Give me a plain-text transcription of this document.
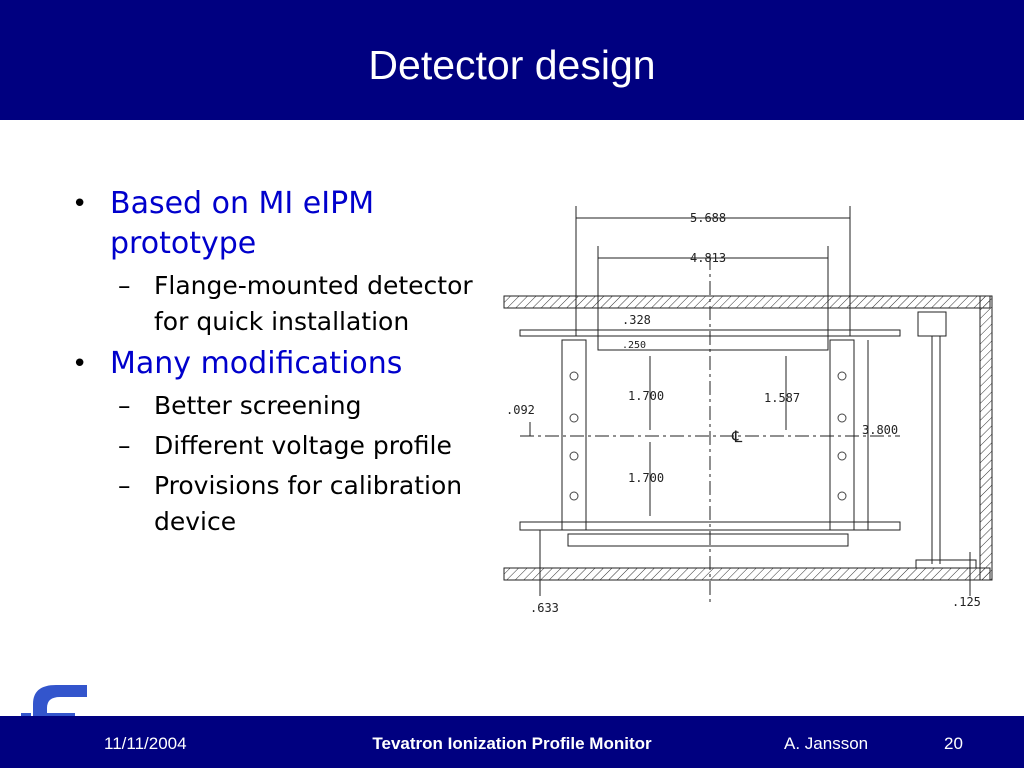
Detector design
• Based on MI eIPM prototype
– Flange-mounted detector for quick installation
• Many modifications
– Better screening
– Different voltage profile
– Provisions for calibration device
5.688
4.813
.328
.250
.092
1.700	1.587
3.800
1.700
.633	.125
℄
11/11/2004	Tevatron Ionization Profile Monitor	A. Jansson	20
